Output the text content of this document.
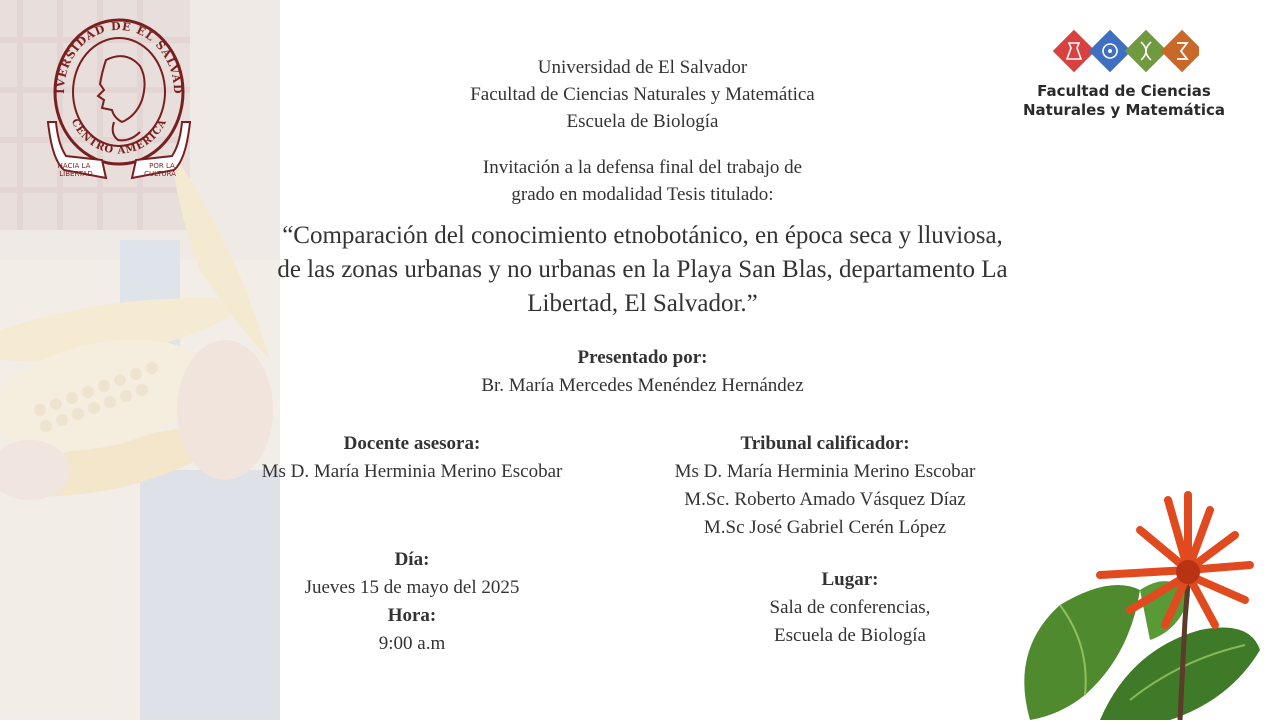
IVERSIDAD DE EL SALVAD
CENTRO AMERICA
HACIA LA
LIBERTAD
POR LA
CULTURA
Facultad de Ciencias
Naturales y Matemática
Universidad de El Salvador
Facultad de Ciencias Naturales y Matemática
Escuela de Biología
Invitación a la defensa final del trabajo de
grado en modalidad Tesis titulado:
“Comparación del conocimiento etnobotánico, en época seca y lluviosa,
de las zonas urbanas y no urbanas en la Playa San Blas, departamento La
Libertad, El Salvador.”
Presentado por:
Br. María Mercedes Menéndez Hernández
Docente asesora:
Ms D. María Herminia Merino Escobar
Tribunal calificador:
Ms D. María Herminia Merino Escobar
M.Sc. Roberto Amado Vásquez Díaz
M.Sc José Gabriel Cerén López
Día:
Jueves 15 de mayo del 2025
Hora:
9:00 a.m
Lugar:
Sala de conferencias,
Escuela de Biología
